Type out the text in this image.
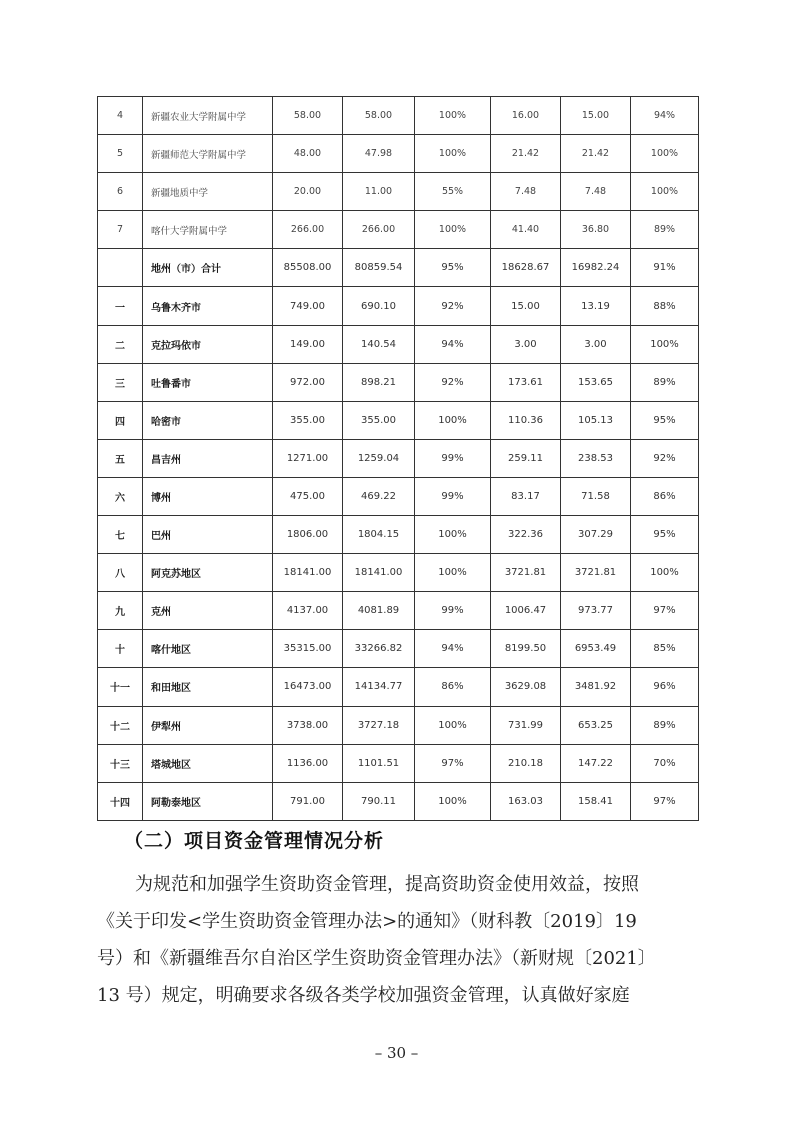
4	新疆农业大学附属中学	58.00	58.00	100%	16.00	15.00	94%
5	新疆师范大学附属中学	48.00	47.98	100%	21.42	21.42	100%
6	新疆地质中学	20.00	11.00	55%	7.48	7.48	100%
7	喀什大学附属中学	266.00	266.00	100%	41.40	36.80	89%
	地州（市）合计	85508.00	80859.54	95%	18628.67	16982.24	91%
一	乌鲁木齐市	749.00	690.10	92%	15.00	13.19	88%
二	克拉玛依市	149.00	140.54	94%	3.00	3.00	100%
三	吐鲁番市	972.00	898.21	92%	173.61	153.65	89%
四	哈密市	355.00	355.00	100%	110.36	105.13	95%
五	昌吉州	1271.00	1259.04	99%	259.11	238.53	92%
六	博州	475.00	469.22	99%	83.17	71.58	86%
七	巴州	1806.00	1804.15	100%	322.36	307.29	95%
八	阿克苏地区	18141.00	18141.00	100%	3721.81	3721.81	100%
九	克州	4137.00	4081.89	99%	1006.47	973.77	97%
十	喀什地区	35315.00	33266.82	94%	8199.50	6953.49	85%
十一	和田地区	16473.00	14134.77	86%	3629.08	3481.92	96%
十二	伊犁州	3738.00	3727.18	100%	731.99	653.25	89%
十三	塔城地区	1136.00	1101.51	97%	210.18	147.22	70%
十四	阿勒泰地区	791.00	790.11	100%	163.03	158.41	97%
（二）项目资金管理情况分析
为规范和加强学生资助资金管理，提高资助资金使用效益，按照
《关于印发<学生资助资金管理办法>的通知》（财科教〔2019〕19
号）和《新疆维吾尔自治区学生资助资金管理办法》（新财规〔2021〕
13 号）规定，明确要求各级各类学校加强资金管理，认真做好家庭
– 30 –
